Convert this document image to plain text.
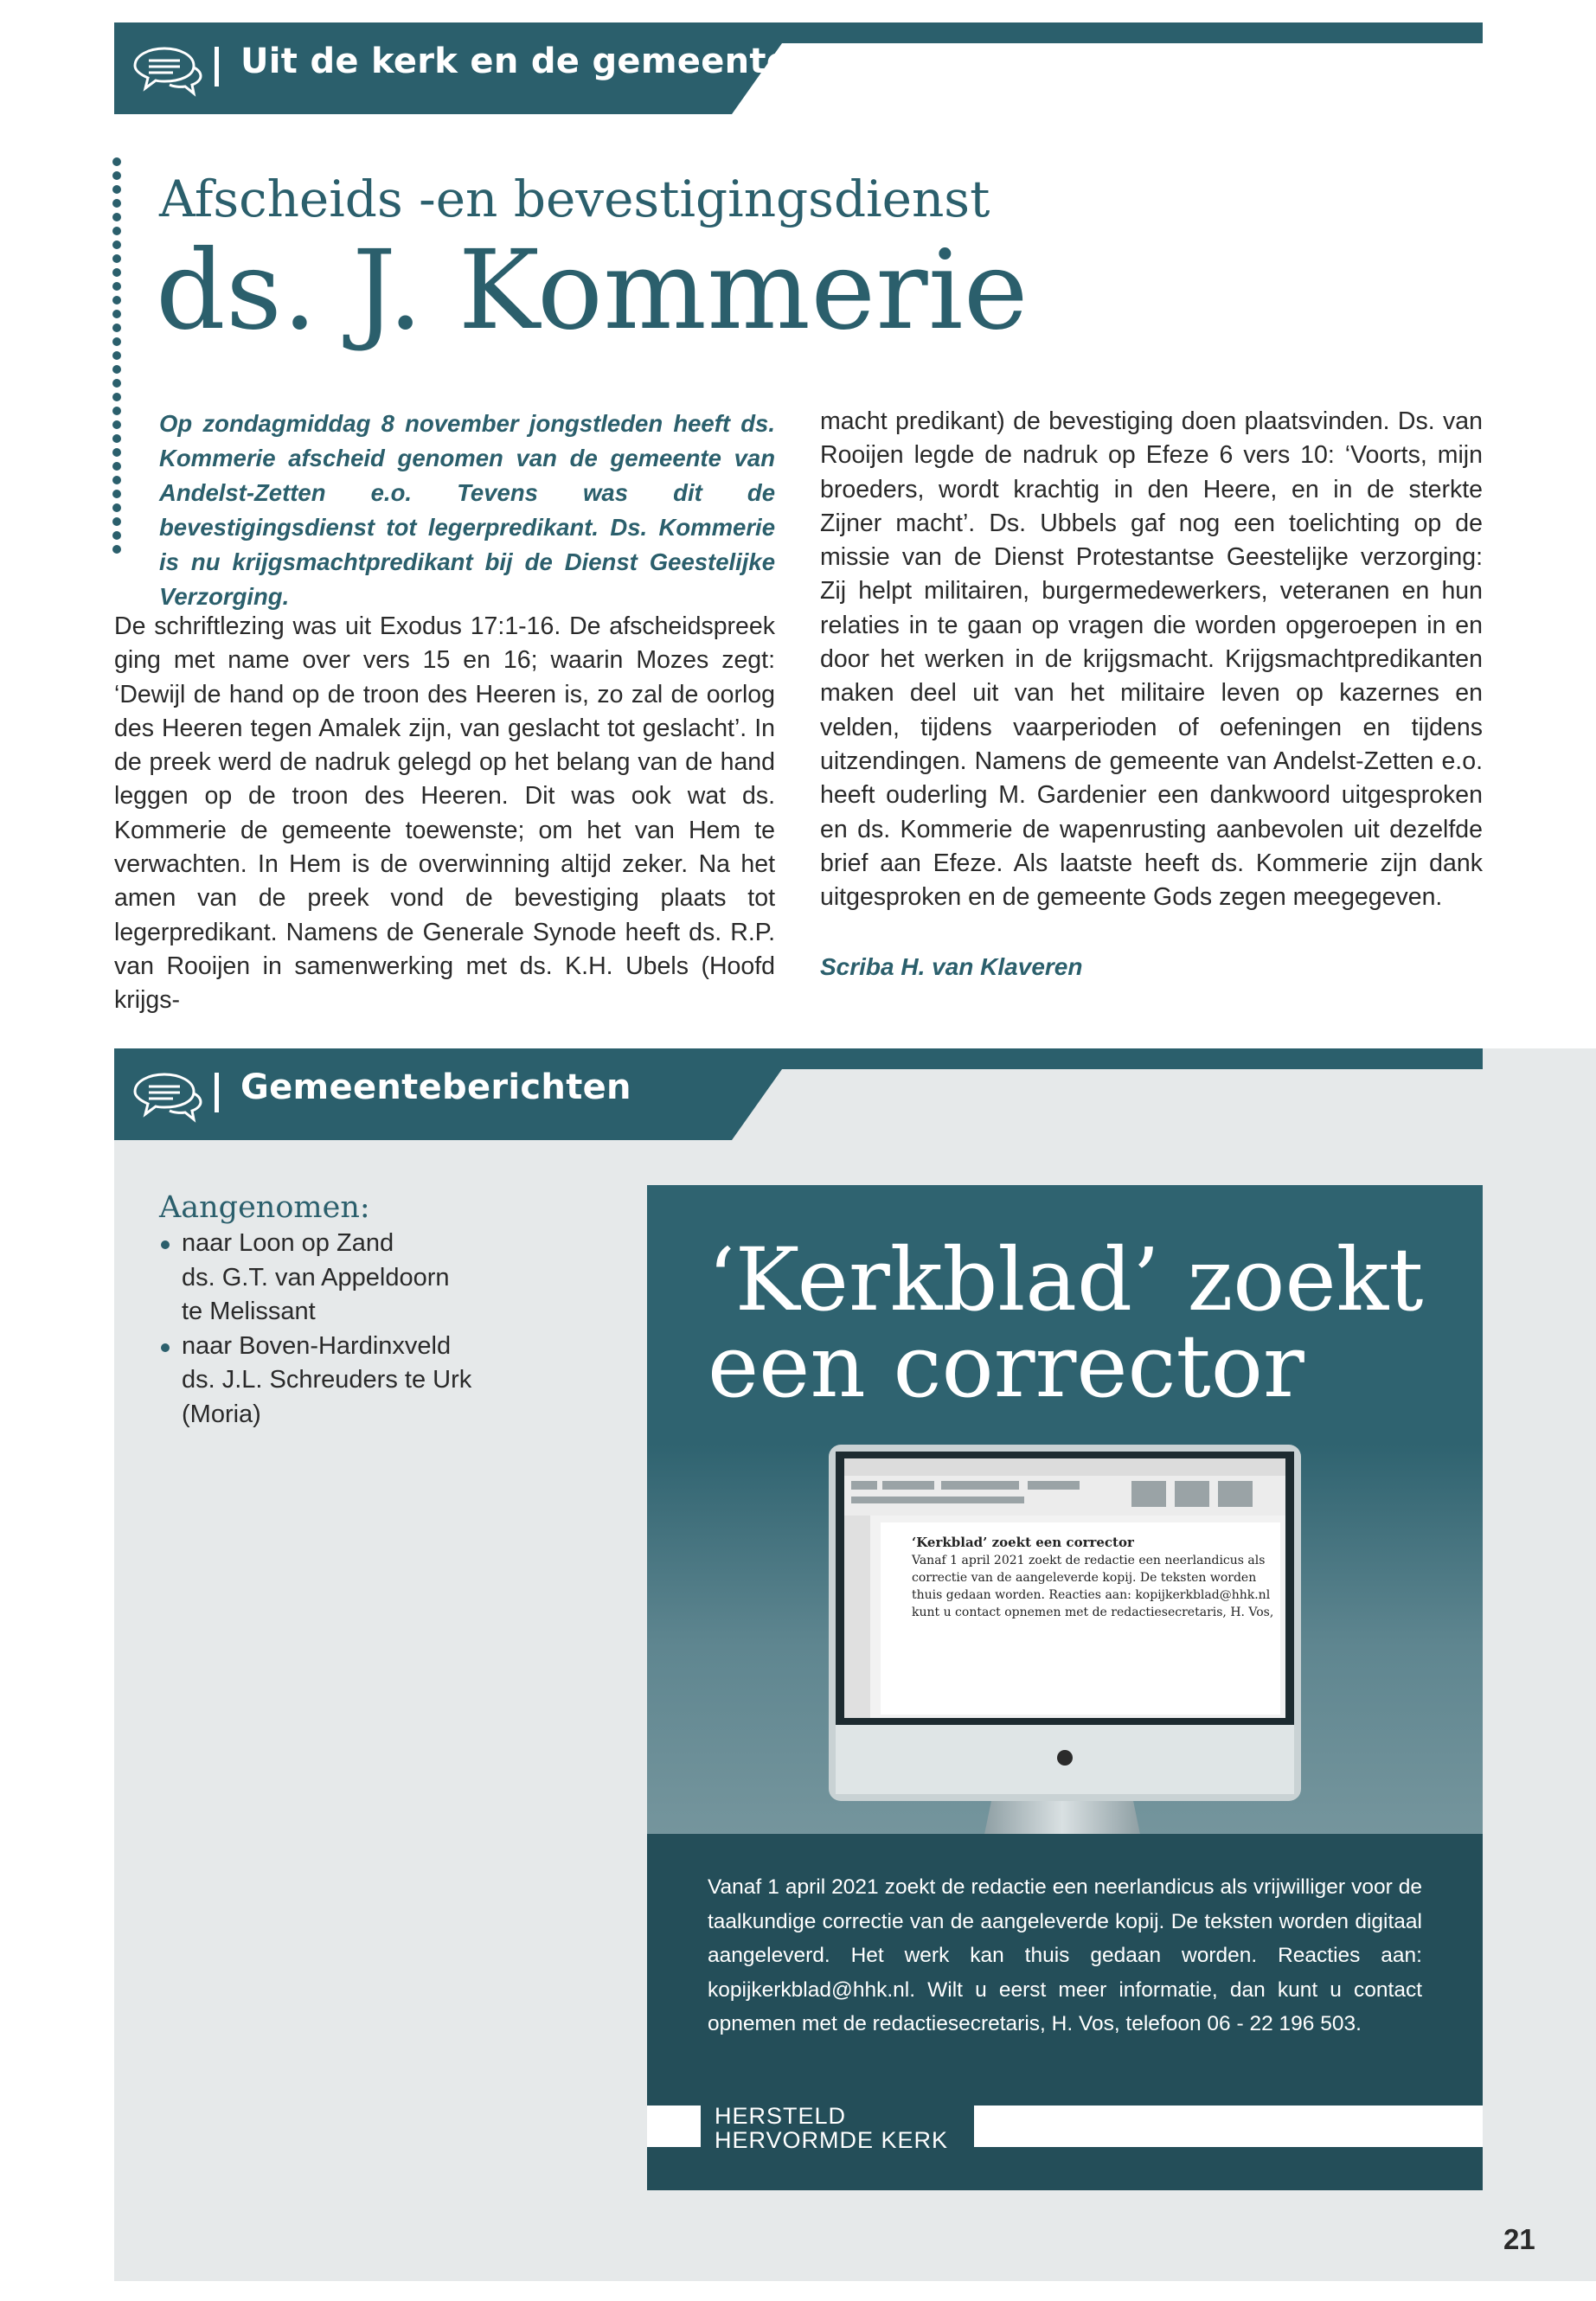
Uit de kerk en de gemeenten
Afscheids -en bevestigingsdienst
ds. J. Kommerie
Op zondagmiddag 8 november jongstleden heeft ds. Kommerie afscheid genomen van de gemeente van Andelst-Zetten e.o. Tevens was dit de bevestigingsdienst tot legerpredikant. Ds. Kommerie is nu krijgsmachtpredikant bij de Dienst Geestelijke Verzorging.
De schriftlezing was uit Exodus 17:1-16. De afscheidspreek ging met name over vers 15 en 16; waarin Mozes zegt: ‘Dewijl de hand op de troon des Heeren is, zo zal de oorlog des Heeren tegen Amalek zijn, van geslacht tot geslacht’. In de preek werd de nadruk gelegd op het belang van de hand leggen op de troon des Heeren. Dit was ook wat ds. Kommerie de gemeente toewenste; om het van Hem te verwachten. In Hem is de overwinning altijd zeker. Na het amen van de preek vond de bevestiging plaats tot legerpredikant. Namens de Generale Synode heeft ds. R.P. van Rooijen in samenwerking met ds. K.H. Ubels (Hoofd krijgs-
macht predikant) de bevestiging doen plaatsvinden. Ds. van Rooijen legde de nadruk op Efeze 6 vers 10: ‘Voorts, mijn broeders, wordt krachtig in den Heere, en in de sterkte Zijner macht’. Ds. Ubbels gaf nog een toelichting op de missie van de Dienst Protestantse Geestelijke verzorging: Zij helpt militairen, burgermedewerkers, veteranen en hun relaties in te gaan op vragen die worden opgeroepen in en door het werken in de krijgsmacht. Krijgsmachtpredikanten maken deel uit van het militaire leven op kazernes en velden, tijdens vaarperioden of oefeningen en tijdens uitzendingen. Namens de gemeente van Andelst-Zetten e.o. heeft ouderling M. Gardenier een dankwoord uitgesproken en ds. Kommerie de wapenrusting aanbevolen uit dezelfde brief aan Efeze. Als laatste heeft ds. Kommerie zijn dank uitgesproken en de gemeente Gods zegen meegegeven.
Scriba H. van Klaveren
Gemeenteberichten
Aangenomen:
naar Loon op Zand
ds. G.T. van Appeldoorn
te Melissant
naar Boven-Hardinxveld
ds. J.L. Schreuders te Urk
(Moria)
‘Kerkblad’ zoekt
een corrector
‘Kerkblad’ zoekt een corrector
Vanaf 1 april 2021 zoekt de redactie een neerlandicus als
correctie van de aangeleverde kopij. De teksten worden
thuis gedaan worden. Reacties aan: kopijkerkblad@hhk.nl
kunt u contact opnemen met de redactiesecretaris, H. Vos,
Vanaf 1 april 2021 zoekt de redactie een neerlandicus als vrijwilliger voor de taalkundige correctie van de aangeleverde kopij. De teksten worden digitaal aangeleverd. Het werk kan thuis gedaan worden. Reacties aan: kopijkerkblad@hhk.nl. Wilt u eerst meer informatie, dan kunt u contact opnemen met de redactiesecretaris, H. Vos, telefoon 06 - 22 196 503.
HERSTELD
HERVORMDE KERK
21
